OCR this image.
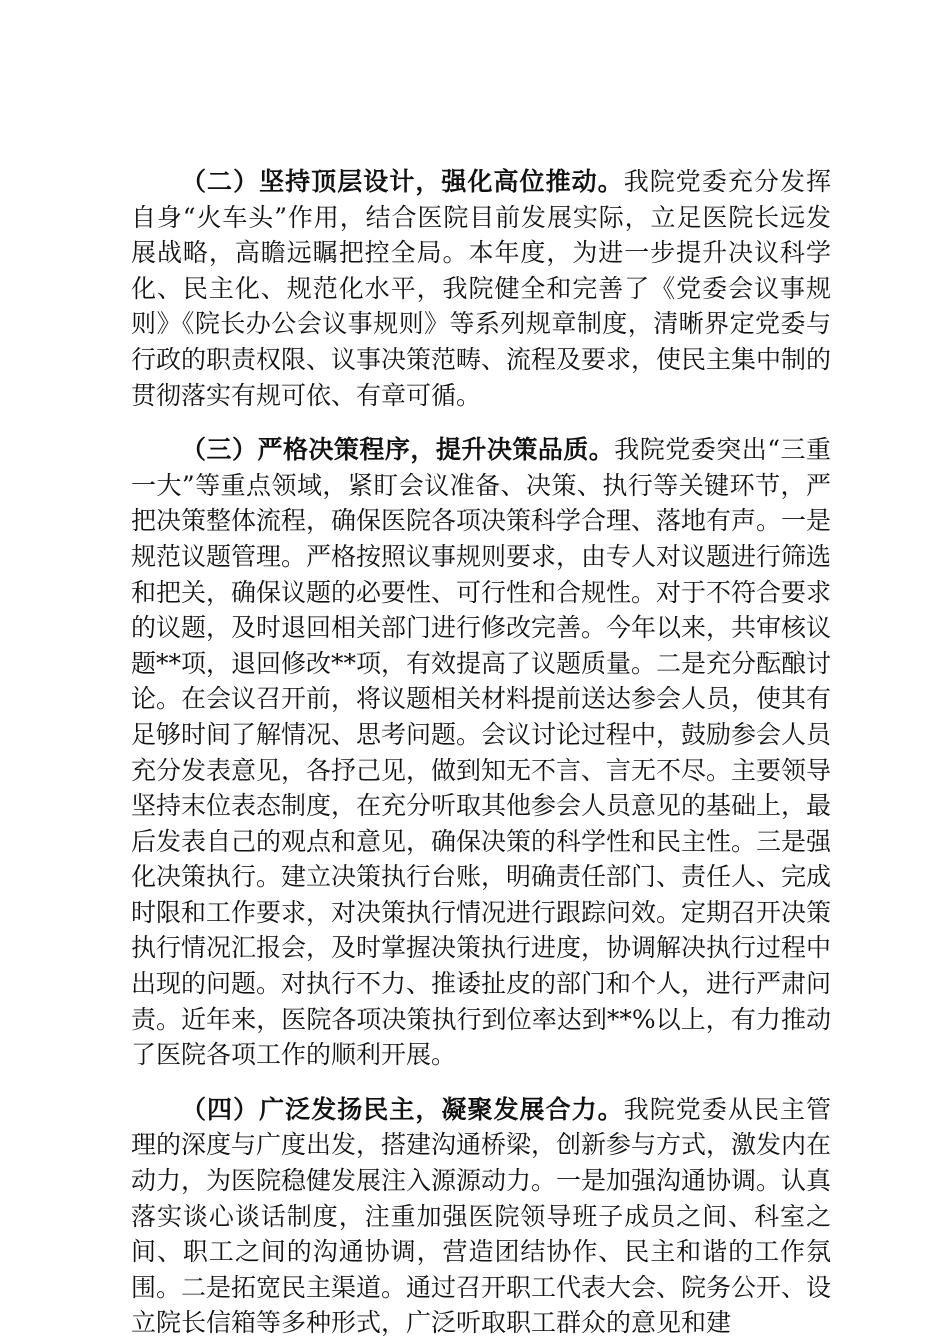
（二）坚持顶层设计，强化高位推动。我院党委充分发挥自身“火车头”作用，结合医院目前发展实际，立足医院长远发展战略，高瞻远瞩把控全局。本年度，为进一步提升决议科学化、民主化、规范化水平，我院健全和完善了《党委会议事规则》《院长办公会议事规则》等系列规章制度，清晰界定党委与行政的职责权限、议事决策范畴、流程及要求，使民主集中制的贯彻落实有规可依、有章可循。

（三）严格决策程序，提升决策品质。我院党委突出“三重一大”等重点领域，紧盯会议准备、决策、执行等关键环节，严把决策整体流程，确保医院各项决策科学合理、落地有声。一是规范议题管理。严格按照议事规则要求，由专人对议题进行筛选和把关，确保议题的必要性、可行性和合规性。对于不符合要求的议题，及时退回相关部门进行修改完善。今年以来，共审核议题**项，退回修改**项，有效提高了议题质量。二是充分酝酿讨论。在会议召开前，将议题相关材料提前送达参会人员，使其有足够时间了解情况、思考问题。会议讨论过程中，鼓励参会人员充分发表意见，各抒己见，做到知无不言、言无不尽。主要领导坚持末位表态制度，在充分听取其他参会人员意见的基础上，最后发表自己的观点和意见，确保决策的科学性和民主性。三是强化决策执行。建立决策执行台账，明确责任部门、责任人、完成时限和工作要求，对决策执行情况进行跟踪问效。定期召开决策执行情况汇报会，及时掌握决策执行进度，协调解决执行过程中出现的问题。对执行不力、推诿扯皮的部门和个人，进行严肃问责。近年来，医院各项决策执行到位率达到**%以上，有力推动了医院各项工作的顺利开展。

（四）广泛发扬民主，凝聚发展合力。我院党委从民主管理的深度与广度出发，搭建沟通桥梁，创新参与方式，激发内在动力，为医院稳健发展注入源源动力。一是加强沟通协调。认真落实谈心谈话制度，注重加强医院领导班子成员之间、科室之间、职工之间的沟通协调，营造团结协作、民主和谐的工作氛围。二是拓宽民主渠道。通过召开职工代表大会、院务公开、设立院长信箱等多种形式，广泛听取职工群众的意见和建
